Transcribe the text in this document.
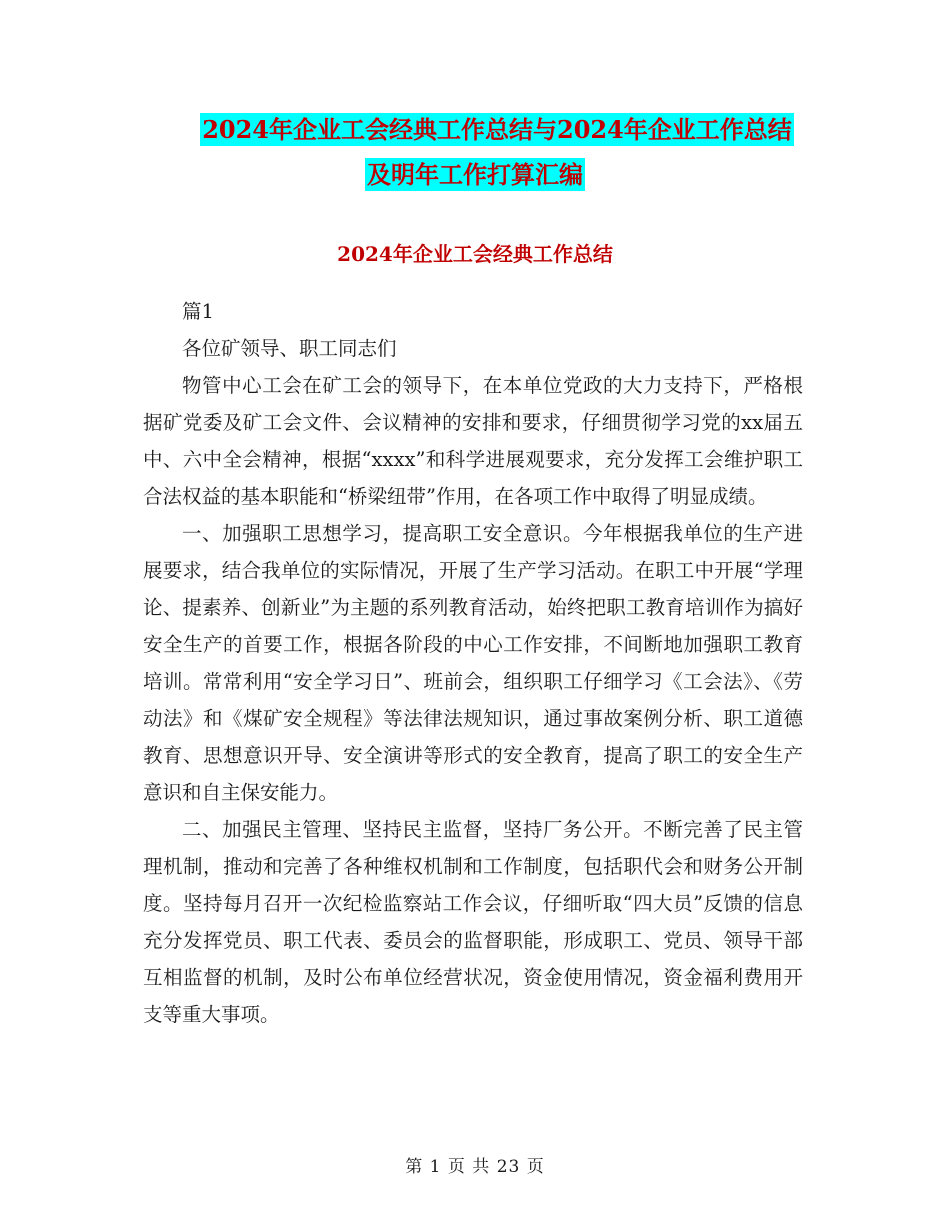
2024年企业工会经典工作总结与2024年企业工作总结
及明年工作打算汇编
2024年企业工会经典工作总结

篇1

各位矿领导、职工同志们

物管中心工会在矿工会的领导下，在本单位党政的大力支持下，严格根据矿党委及矿工会文件、会议精神的安排和要求，仔细贯彻学习党的xx届五中、六中全会精神，根据“xxxx”和科学进展观要求，充分发挥工会维护职工合法权益的基本职能和“桥梁纽带”作用，在各项工作中取得了明显成绩。

一、加强职工思想学习，提高职工安全意识。今年根据我单位的生产进展要求，结合我单位的实际情况，开展了生产学习活动。在职工中开展“学理论、提素养、创新业”为主题的系列教育活动，始终把职工教育培训作为搞好安全生产的首要工作，根据各阶段的中心工作安排，不间断地加强职工教育培训。常常利用“安全学习日”、班前会，组织职工仔细学习《工会法》、《劳动法》和《煤矿安全规程》等法律法规知识，通过事故案例分析、职工道德教育、思想意识开导、安全演讲等形式的安全教育，提高了职工的安全生产意识和自主保安能力。

二、加强民主管理、坚持民主监督，坚持厂务公开。不断完善了民主管理机制，推动和完善了各种维权机制和工作制度，包括职代会和财务公开制度。坚持每月召开一次纪检监察站工作会议，仔细听取“四大员”反馈的信息充分发挥党员、职工代表、委员会的监督职能，形成职工、党员、领导干部互相监督的机制，及时公布单位经营状况，资金使用情况，资金福利费用开支等重大事项。

第 1 页 共 23 页
